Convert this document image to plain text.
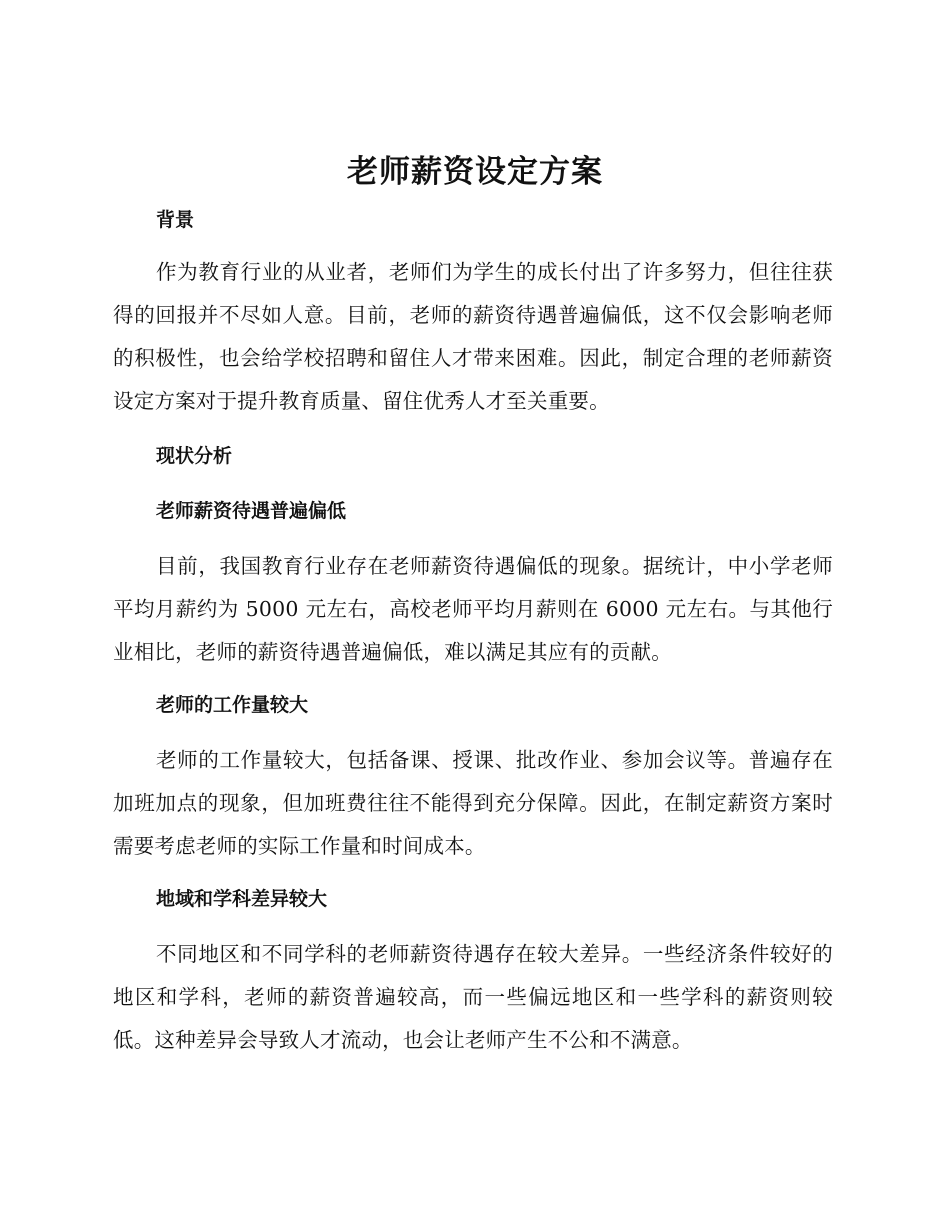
老师薪资设定方案
背景
作为教育行业的从业者，老师们为学生的成长付出了许多努力，但往往获得的回报并不尽如人意。目前，老师的薪资待遇普遍偏低，这不仅会影响老师的积极性，也会给学校招聘和留住人才带来困难。因此，制定合理的老师薪资设定方案对于提升教育质量、留住优秀人才至关重要。
现状分析
老师薪资待遇普遍偏低
目前，我国教育行业存在老师薪资待遇偏低的现象。据统计，中小学老师平均月薪约为 5000 元左右，高校老师平均月薪则在 6000 元左右。与其他行业相比，老师的薪资待遇普遍偏低，难以满足其应有的贡献。
老师的工作量较大
老师的工作量较大，包括备课、授课、批改作业、参加会议等。普遍存在加班加点的现象，但加班费往往不能得到充分保障。因此，在制定薪资方案时需要考虑老师的实际工作量和时间成本。
地域和学科差异较大
不同地区和不同学科的老师薪资待遇存在较大差异。一些经济条件较好的地区和学科，老师的薪资普遍较高，而一些偏远地区和一些学科的薪资则较低。这种差异会导致人才流动，也会让老师产生不公和不满意。
